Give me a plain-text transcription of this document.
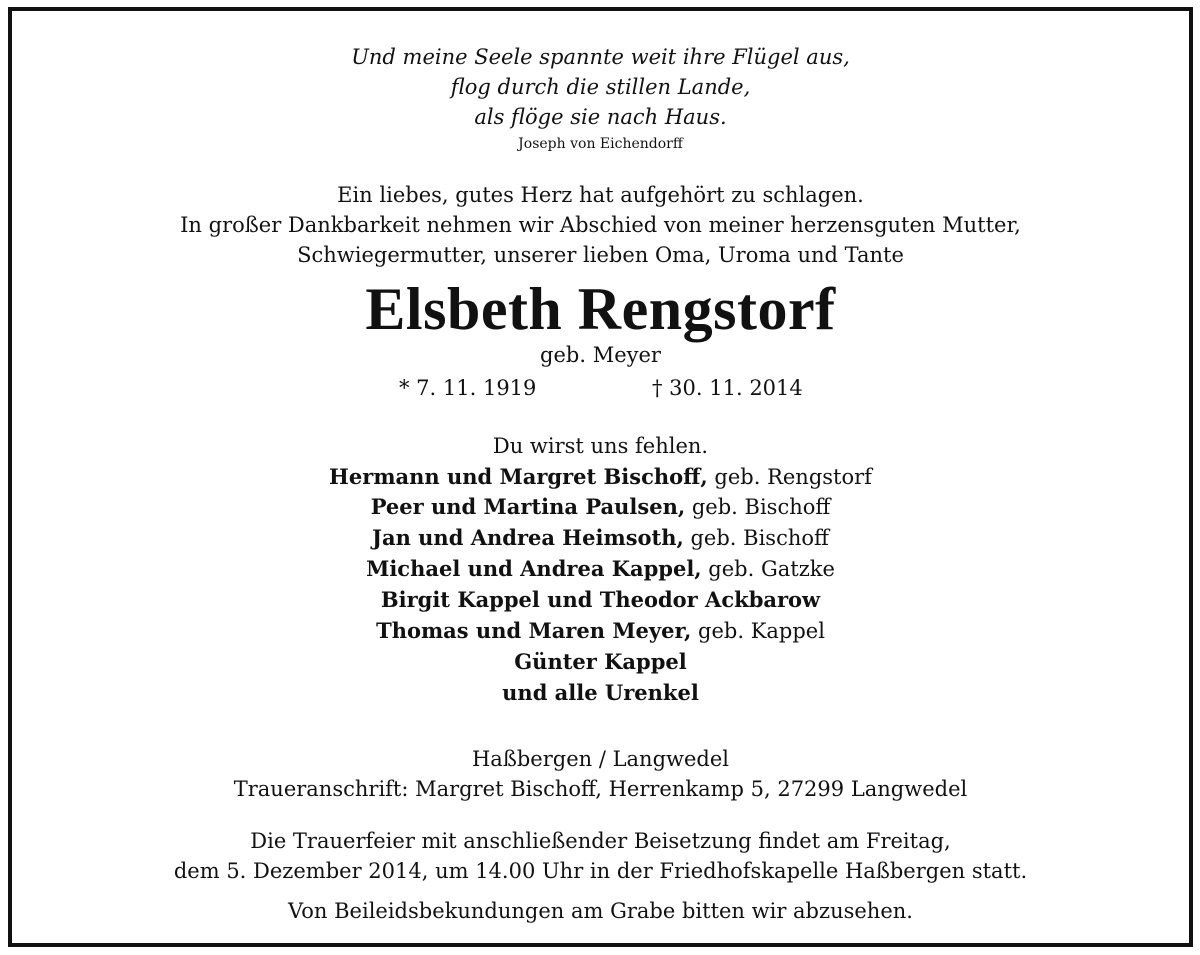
Und meine Seele spannte weit ihre Flügel aus,
flog durch die stillen Lande,
als flöge sie nach Haus.
Joseph von Eichendorff
Ein liebes, gutes Herz hat aufgehört zu schlagen.
In großer Dankbarkeit nehmen wir Abschied von meiner herzensguten Mutter,
Schwiegermutter, unserer lieben Oma, Uroma und Tante
Elsbeth Rengstorf
geb. Meyer
* 7. 11. 1919	† 30. 11. 2014
Du wirst uns fehlen.
Hermann und Margret Bischoff, geb. Rengstorf
Peer und Martina Paulsen, geb. Bischoff
Jan und Andrea Heimsoth, geb. Bischoff
Michael und Andrea Kappel, geb. Gatzke
Birgit Kappel und Theodor Ackbarow
Thomas und Maren Meyer, geb. Kappel
Günter Kappel
und alle Urenkel
Haßbergen / Langwedel
Traueranschrift: Margret Bischoff, Herrenkamp 5, 27299 Langwedel
Die Trauerfeier mit anschließender Beisetzung findet am Freitag,
dem 5. Dezember 2014, um 14.00 Uhr in der Friedhofskapelle Haßbergen statt.
Von Beileidsbekundungen am Grabe bitten wir abzusehen.
